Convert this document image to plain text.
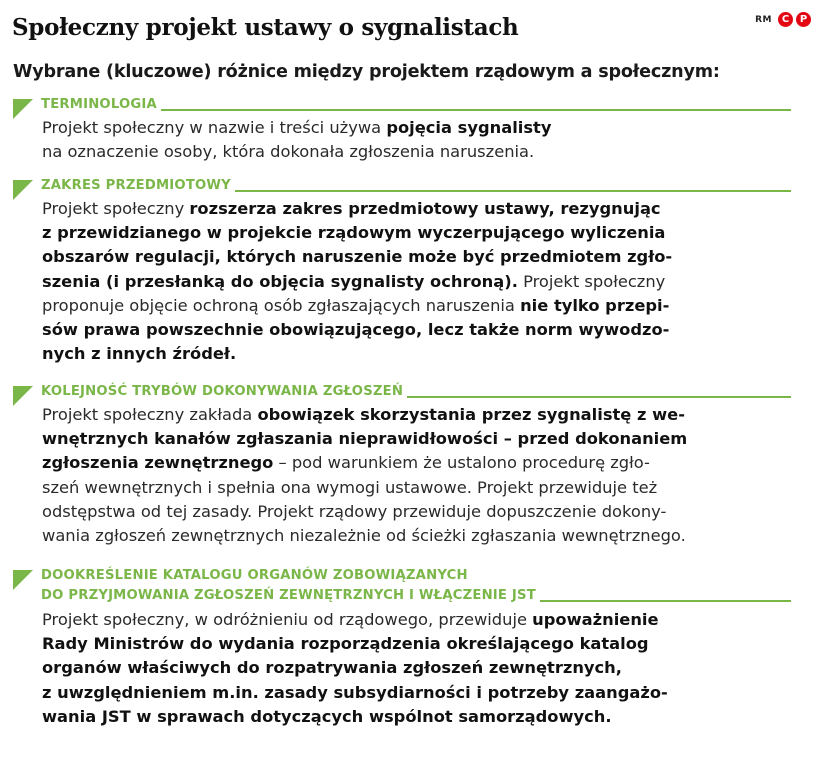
Społeczny projekt ustawy o sygnalistach	RM C	P
Wybrane (kluczowe) różnice między projektem rządowym a społecznym:
TERMINOLOGIA
Projekt społeczny w nazwie i treści używa pojęcia sygnalisty
na oznaczenie osoby, która dokonała zgłoszenia naruszenia.
ZAKRES PRZEDMIOTOWY
Projekt społeczny rozszerza zakres przedmiotowy ustawy, rezygnując
z przewidzianego w projekcie rządowym wyczerpującego wyliczenia
obszarów regulacji, których naruszenie może być przedmiotem zgło-
szenia (i przesłanką do objęcia sygnalisty ochroną). Projekt społeczny
proponuje objęcie ochroną osób zgłaszających naruszenia nie tylko przepi-
sów prawa powszechnie obowiązującego, lecz także norm wywodzo-
nych z innych źródeł.
KOLEJNOŚĆ TRYBÓW DOKONYWANIA ZGŁOSZEŃ
Projekt społeczny zakłada obowiązek skorzystania przez sygnalistę z we-
wnętrznych kanałów zgłaszania nieprawidłowości – przed dokonaniem
zgłoszenia zewnętrznego – pod warunkiem że ustalono procedurę zgło-
szeń wewnętrznych i spełnia ona wymogi ustawowe. Projekt przewiduje też
odstępstwa od tej zasady. Projekt rządowy przewiduje dopuszczenie dokony-
wania zgłoszeń zewnętrznych niezależnie od ścieżki zgłaszania wewnętrznego.
DOOKREŚLENIE KATALOGU ORGANÓW ZOBOWIĄZANYCH
DO PRZYJMOWANIA ZGŁOSZEŃ ZEWNĘTRZNYCH I WŁĄCZENIE JST
Projekt społeczny, w odróżnieniu od rządowego, przewiduje upoważnienie
Rady Ministrów do wydania rozporządzenia określającego katalog
organów właściwych do rozpatrywania zgłoszeń zewnętrznych,
z uwzględnieniem m.in. zasady subsydiarności i potrzeby zaangażo-
wania JST w sprawach dotyczących wspólnot samorządowych.
